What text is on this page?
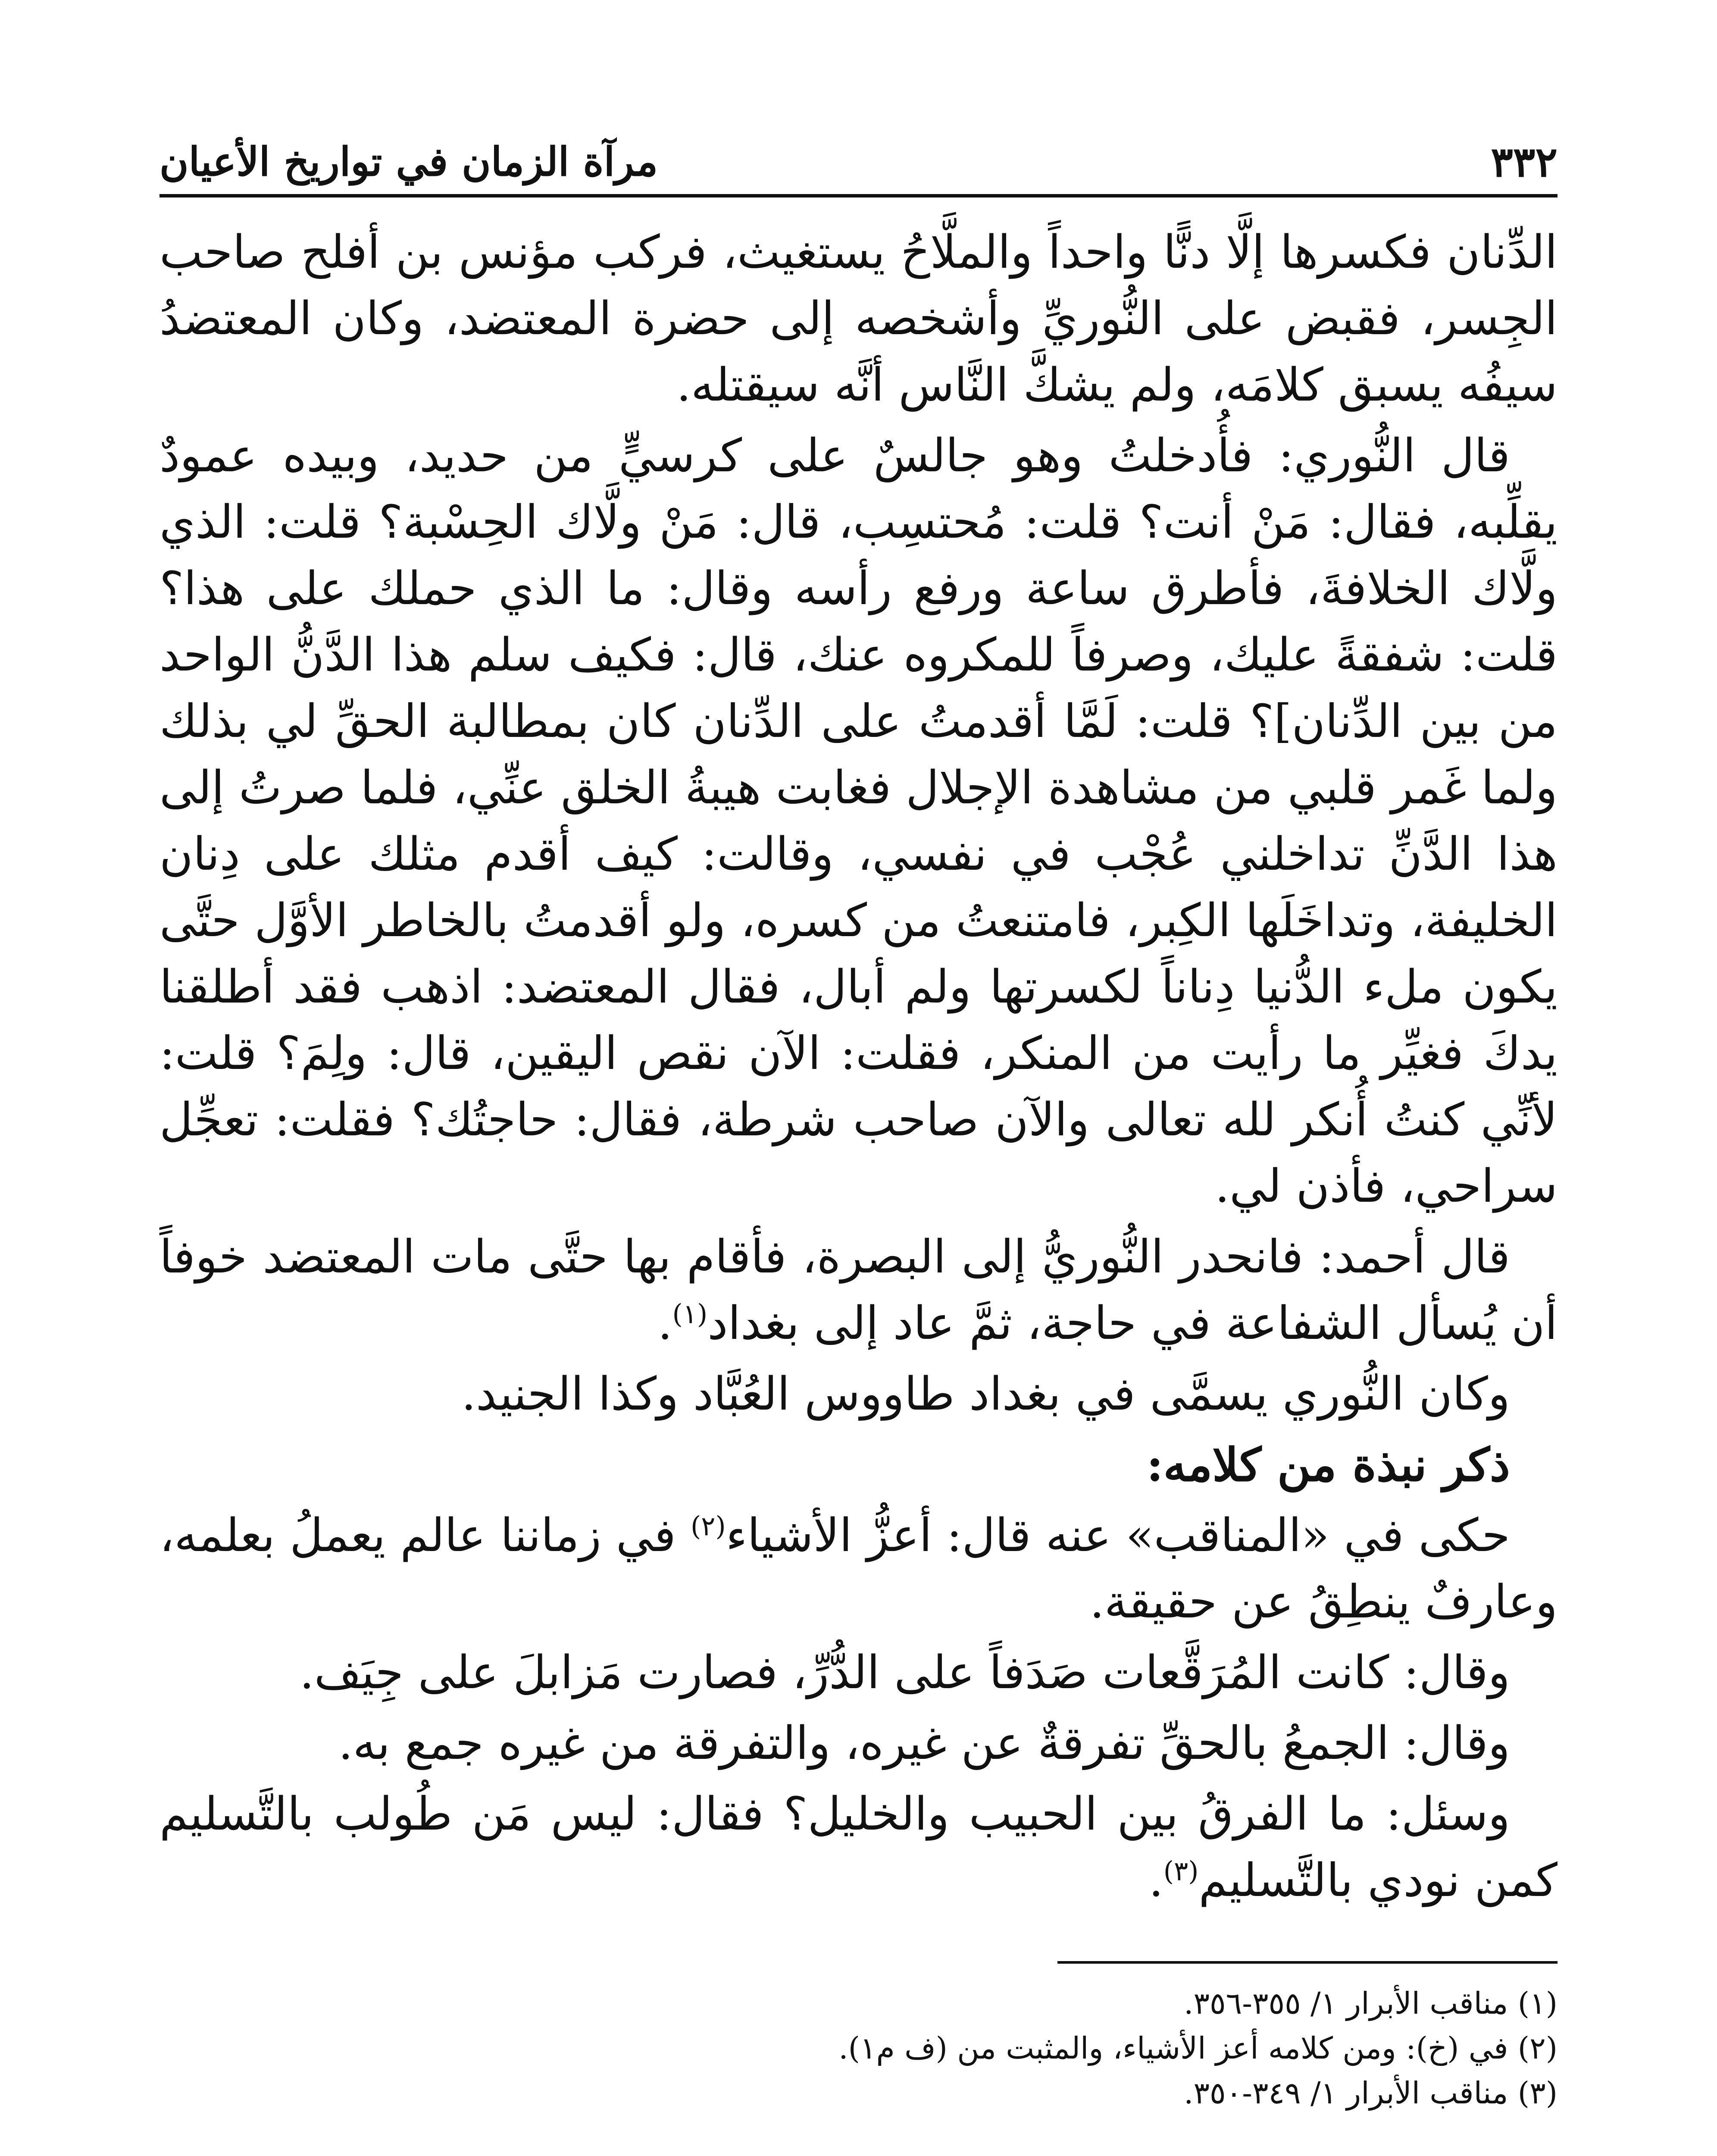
٣٣٢
مرآة الزمان في تواريخ الأعيان

الدِّنان فكسرها إلَّا دنًّا واحداً والملَّاحُ يستغيث، فركب مؤنس بن أفلح صاحب الجِسر، فقبض على النُّوريِّ وأشخصه إلى حضرة المعتضد، وكان المعتضدُ سيفُه يسبق كلامَه، ولم يشكَّ النَّاس أنَّه سيقتله.

قال النُّوري: فأُدخلتُ وهو جالسٌ على كرسيٍّ من حديد، وبيده عمودٌ يقلِّبه، فقال: مَنْ أنت؟ قلت: مُحتسِب، قال: مَنْ ولَّاك الحِسْبة؟ قلت: الذي ولَّاك الخلافةَ، فأطرق ساعة ورفع رأسه وقال: ما الذي حملك على هذا؟ قلت: شفقةً عليك، وصرفاً للمكروه عنك، قال: فكيف سلم هذا الدَّنُّ الواحد من بين الدِّنان]؟ قلت: لَمَّا أقدمتُ على الدِّنان كان بمطالبة الحقِّ لي بذلك ولما غَمر قلبي من مشاهدة الإجلال فغابت هيبةُ الخلق عنِّي، فلما صرتُ إلى هذا الدَّنِّ تداخلني عُجْب في نفسي، وقالت: كيف أقدم مثلك على دِنان الخليفة، وتداخَلَها الكِبر، فامتنعتُ من كسره، ولو أقدمتُ بالخاطر الأوَّل حتَّى يكون ملء الدُّنيا دِناناً لكسرتها ولم أبال، فقال المعتضد: اذهب فقد أطلقنا يدكَ فغيِّر ما رأيت من المنكر، فقلت: الآن نقص اليقين، قال: ولِمَ؟ قلت: لأنِّي كنتُ أُنكر لله تعالى والآن صاحب شرطة، فقال: حاجتُك؟ فقلت: تعجِّل سراحي، فأذن لي.

قال أحمد: فانحدر النُّوريُّ إلى البصرة، فأقام بها حتَّى مات المعتضد خوفاً أن يُسأل الشفاعة في حاجة، ثمَّ عاد إلى بغداد$^{(١)}$.

وكان النُّوري يسمَّى في بغداد طاووس العُبَّاد وكذا الجنيد.

ذكر نبذة من كلامه:

حكى في «المناقب» عنه قال: أعزُّ الأشياء$^{(٢)}$ في زماننا عالم يعملُ بعلمه، وعارفٌ ينطِقُ عن حقيقة.

وقال: كانت المُرَقَّعات صَدَفاً على الدُّرِّ، فصارت مَزابلَ على جِيَف.

وقال: الجمعُ بالحقِّ تفرقةٌ عن غيره، والتفرقة من غيره جمع به.

وسئل: ما الفرقُ بين الحبيب والخليل؟ فقال: ليس مَن طُولب بالتَّسليم كمن نودي بالتَّسليم$^{(٣)}$.

(١) مناقب الأبرار ١/ ٣٥٥-٣٥٦.
(٢) في (خ): ومن كلامه أعز الأشياء، والمثبت من (ف م١).
(٣) مناقب الأبرار ١/ ٣٤٩-٣٥٠.
